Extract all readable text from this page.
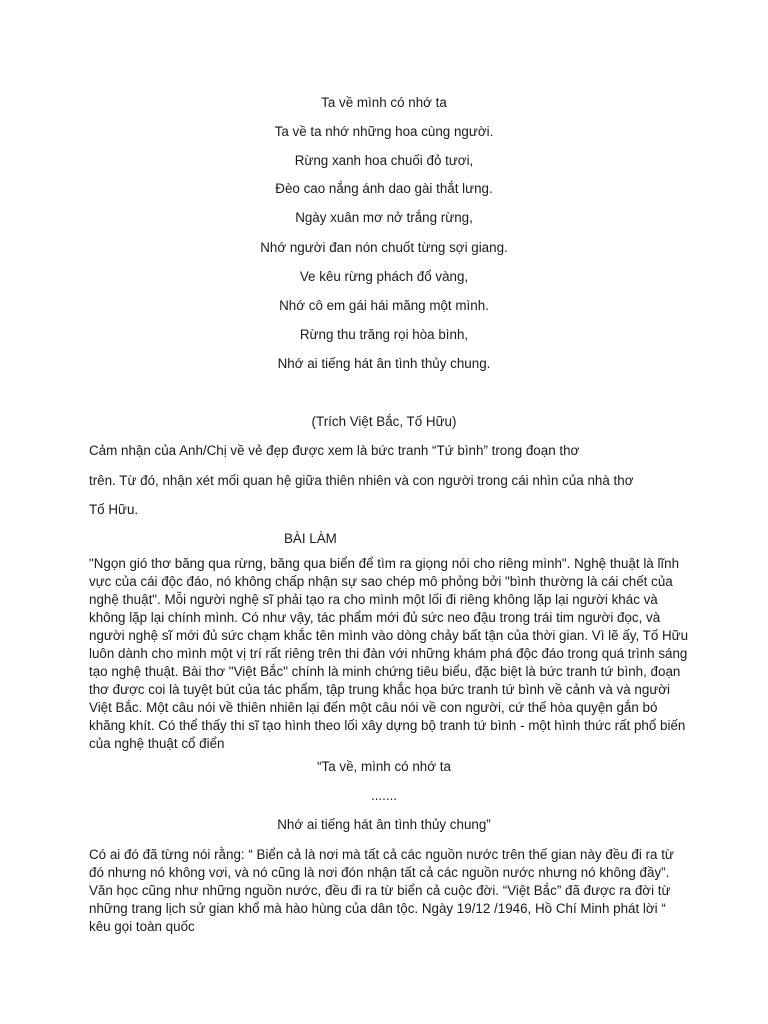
Ta về mình có nhớ ta
Ta về ta nhớ những hoa cùng người.
Rừng xanh hoa chuối đỏ tươi,
Đèo cao nắng ánh dao gài thắt lưng.
Ngày xuân mơ nở trắng rừng,
Nhớ người đan nón chuốt từng sợi giang.
Ve kêu rừng phách đổ vàng,
Nhớ cô em gái hái măng một mình.
Rừng thu trăng rọi hòa bình,
Nhớ ai tiếng hát ân tình thủy chung.
(Trích Việt Bắc, Tố Hữu)
Cảm nhận của Anh/Chị về vẻ đẹp được xem là bức tranh “Tứ bình” trong đoạn thơ
trên. Từ đó, nhận xét mối quan hệ giữa thiên nhiên và con người trong cái nhìn của nhà thơ
Tố Hữu.
BÀI LÀM

"Ngọn gió thơ băng qua rừng, băng qua biển để tìm ra giọng nói cho riêng mình". Nghệ thuật là lĩnh vực của cái độc đáo, nó không chấp nhận sự sao chép mô phỏng bởi "bình thường là cái chết của nghệ thuật". Mỗi người nghệ sĩ phải tạo ra cho mình một lối đi riêng không lặp lại người khác và không lặp lại chính mình. Có như vậy, tác phẩm mới đủ sức neo đậu trong trái tim người đọc, và người nghệ sĩ mới đủ sức chạm khắc tên mình vào dòng chảy bất tận của thời gian. Vì lẽ ấy, Tố Hữu luôn dành cho mình một vị trí rất riêng trên thi đàn với những khám phá độc đáo trong quá trình sáng tạo nghệ thuật. Bài thơ "Việt Bắc" chính là minh chứng tiêu biểu, đặc biệt là bức tranh tứ bình, đoạn thơ được coi là tuyệt bút của tác phẩm, tập trung khắc họa bức tranh tứ bình về cảnh và và người Việt Bắc. Một câu nói về thiên nhiên lại đến một câu nói về con người, cứ thế hòa quyện gắn bó khăng khít. Có thể thấy thi sĩ tạo hình theo lối xây dựng bộ tranh tứ bình - một hình thức rất phổ biến của nghệ thuật cổ điển

“Ta về, mình có nhớ ta
.......
Nhớ ai tiếng hát ân tình thủy chung”

Có ai đó đã từng nói rằng: “ Biển cả là nơi mà tất cả các nguồn nước trên thế gian này đều đi ra từ đó nhưng nó không vơi, và nó cũng là nơi đón nhận tất cả các nguồn nước nhưng nó không đầy”. Văn học cũng như những nguồn nước, đều đi ra từ biển cả cuộc đời. “Việt Bắc” đã được ra đời từ những trang lịch sử gian khổ mà hào hùng của dân tộc. Ngày 19/12 /1946, Hồ Chí Minh phát lời “ kêu gọi toàn quốc
